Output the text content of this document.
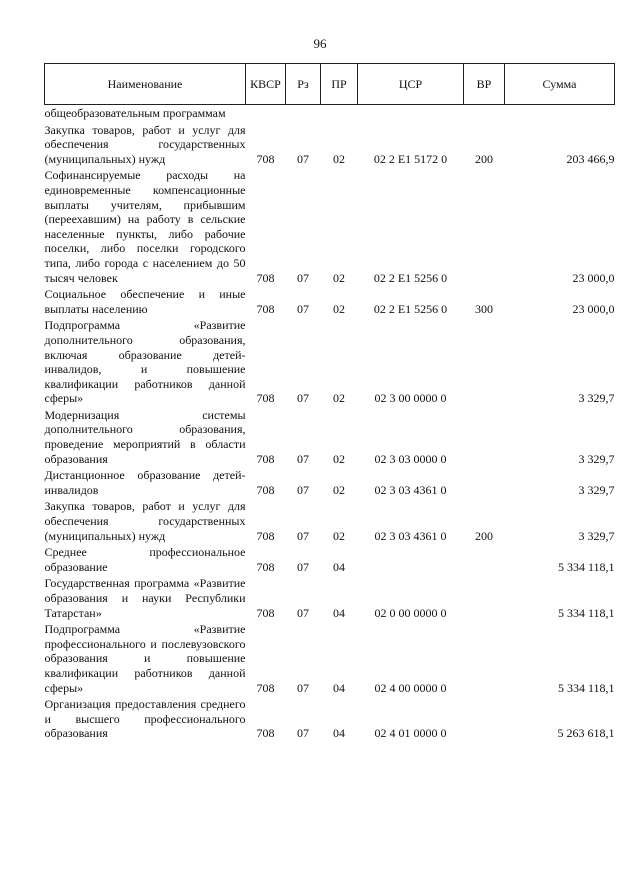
96
Наименование	КВСР	Рз	ПР	ЦСР	ВР	Сумма
общеобразовательным программам						
Закупка товаров, работ и услуг для обеспечения государственных (муниципальных) нужд	708	07	02	02 2 Е1 5172 0	200	203 466,9
Софинансируемые расходы на единовременные компенсационные выплаты учителям, прибывшим (переехавшим) на работу в сельские населенные пункты, либо рабочие поселки, либо поселки городского типа, либо города с населением до 50 тысяч человек	708	07	02	02 2 Е1 5256 0		23 000,0
Социальное обеспечение и иные выплаты населению	708	07	02	02 2 Е1 5256 0	300	23 000,0
Подпрограмма «Развитие дополнительного образования, включая образование детей-инвалидов, и повышение квалификации работников данной сферы»	708	07	02	02 3 00 0000 0		3 329,7
Модернизация системы дополнительного образования, проведение мероприятий в области образования	708	07	02	02 3 03 0000 0		3 329,7
Дистанционное образование детей-инвалидов	708	07	02	02 3 03 4361 0		3 329,7
Закупка товаров, работ и услуг для обеспечения государственных (муниципальных) нужд	708	07	02	02 3 03 4361 0	200	3 329,7
Среднее профессиональное образование	708	07	04			5 334 118,1
Государственная программа «Развитие образования и науки Республики Татарстан»	708	07	04	02 0 00 0000 0		5 334 118,1
Подпрограмма «Развитие профессионального и послевузовского образования и повышение квалификации работников данной сферы»	708	07	04	02 4 00 0000 0		5 334 118,1
Организация предоставления среднего и высшего профессионального образования	708	07	04	02 4 01 0000 0		5 263 618,1
